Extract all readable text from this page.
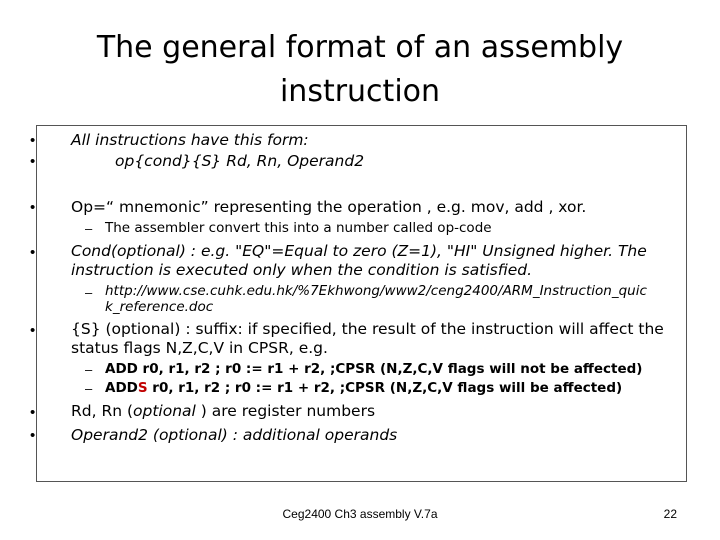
The general format of an assembly
instruction
• All instructions have this form:
•	op{cond}{S} Rd, Rn, Operand2
• Op=“ mnemonic” representing the operation , e.g. mov, add , xor.
– The assembler convert this into a number called op-code
• Cond(optional) : e.g. "EQ"=Equal to zero (Z=1), "HI" Unsigned higher. The
instruction is executed only when the condition is satisfied.
– http://www.cse.cuhk.edu.hk/%7Ekhwong/www2/ceng2400/ARM_Instruction_quic
k_reference.doc
• {S} (optional) : suffix: if specified, the result of the instruction will affect the
status flags N,Z,C,V in CPSR, e.g.
– ADD r0, r1, r2 ; r0 := r1 + r2, ;CPSR (N,Z,C,V flags will not be affected)
– ADDS r0, r1, r2 ; r0 := r1 + r2, ;CPSR (N,Z,C,V flags will be affected)
• Rd, Rn (optional ) are register numbers
• Operand2 (optional) : additional operands
Ceg2400 Ch3 assembly V.7a	22
